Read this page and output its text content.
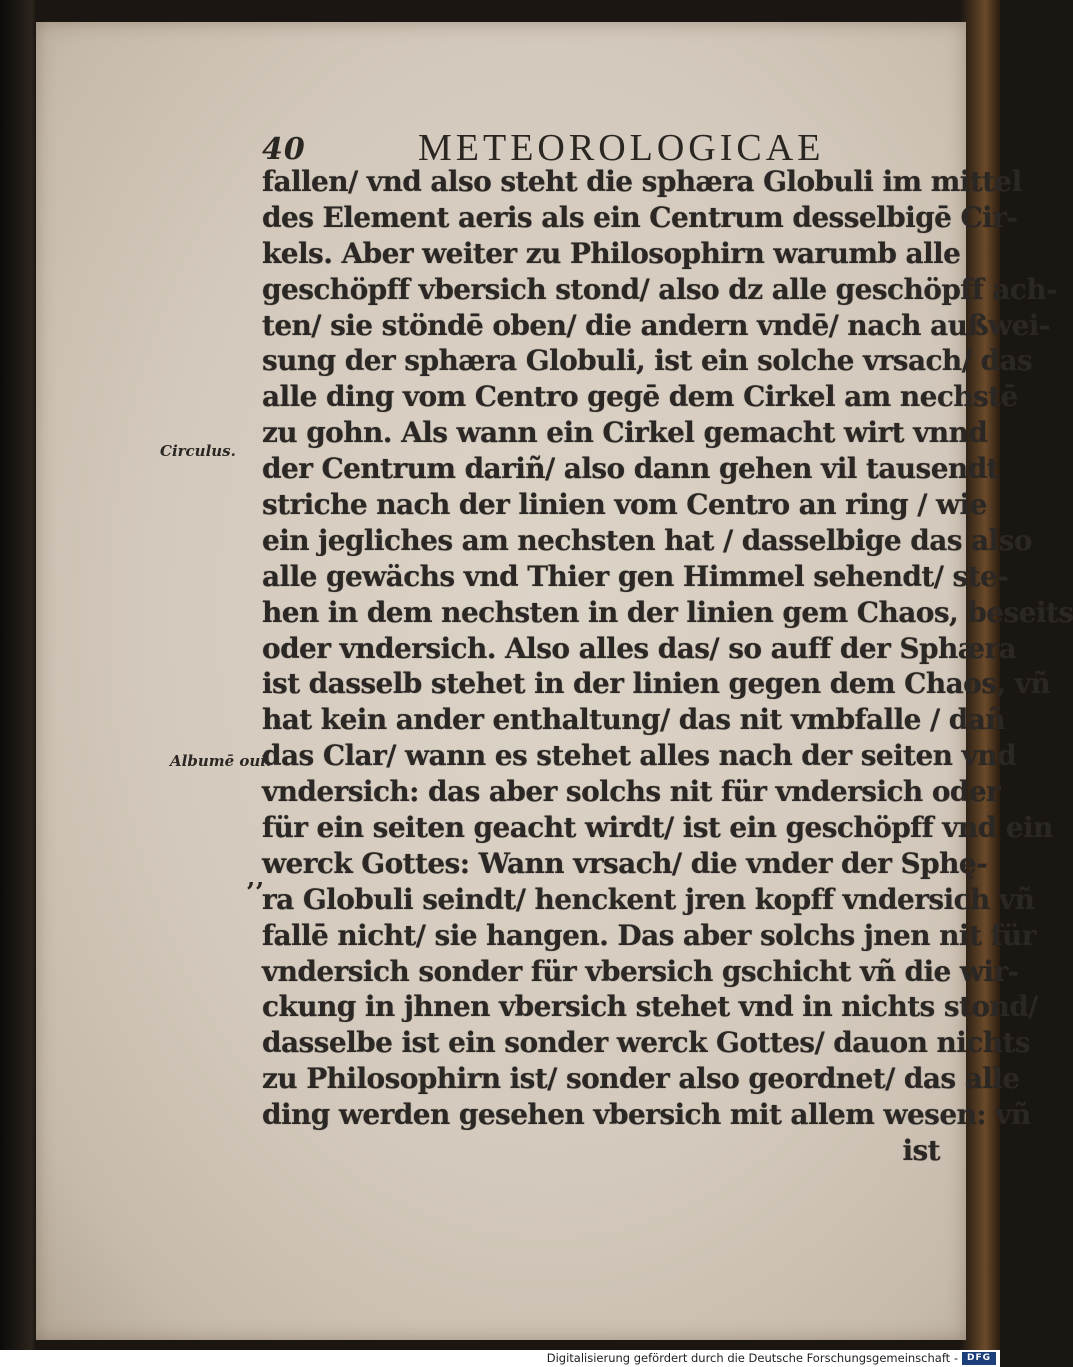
40	METEOROLOGICAE
Circulus.
Albumē oui.
’’
fallen/ vnd also steht die sphæra Globuli im mittel
des Element aeris als ein Centrum desselbigē Cir-
kels. Aber weiter zu Philosophirn warumb alle
geschöpff vbersich stond/ also dz alle geschöpff ach-
ten/ sie stöndē oben/ die andern vndē/ nach außwei-
sung der sphæra Globuli, ist ein solche vrsach/ das
alle ding vom Centro gegē dem Cirkel am nechstē
zu gohn. Als wann ein Cirkel gemacht wirt vnnd
der Centrum dariñ/ also dann gehen vil tausendt
striche nach der linien vom Centro an ring / wie
ein jegliches am nechsten hat / dasselbige das also
alle gewächs vnd Thier gen Himmel sehendt/ ste-
hen in dem nechsten in der linien gem Chaos, beseits
oder vndersich. Also alles das/ so auff der Sphæra
ist dasselb stehet in der linien gegen dem Chaos, vñ
hat kein ander enthaltung/ das nit vmbfalle / dañ
das Clar/ wann es stehet alles nach der seiten vnd
vndersich: das aber solchs nit für vndersich oder
für ein seiten geacht wirdt/ ist ein geschöpff vnd ein
werck Gottes: Wann vrsach/ die vnder der Sphę-
ra Globuli seindt/ henckent jren kopff vndersich vñ
fallē nicht/ sie hangen. Das aber solchs jnen nit für
vndersich sonder für vbersich gschicht vñ die wir-
ckung in jhnen vbersich stehet vnd in nichts stond/
dasselbe ist ein sonder werck Gottes/ dauon nichts
zu Philosophirn ist/ sonder also geordnet/ das alle
ding werden gesehen vbersich mit allem wesen: vñ
ist
Digitalisierung gefördert durch die Deutsche Forschungsgemeinschaft - DFG
